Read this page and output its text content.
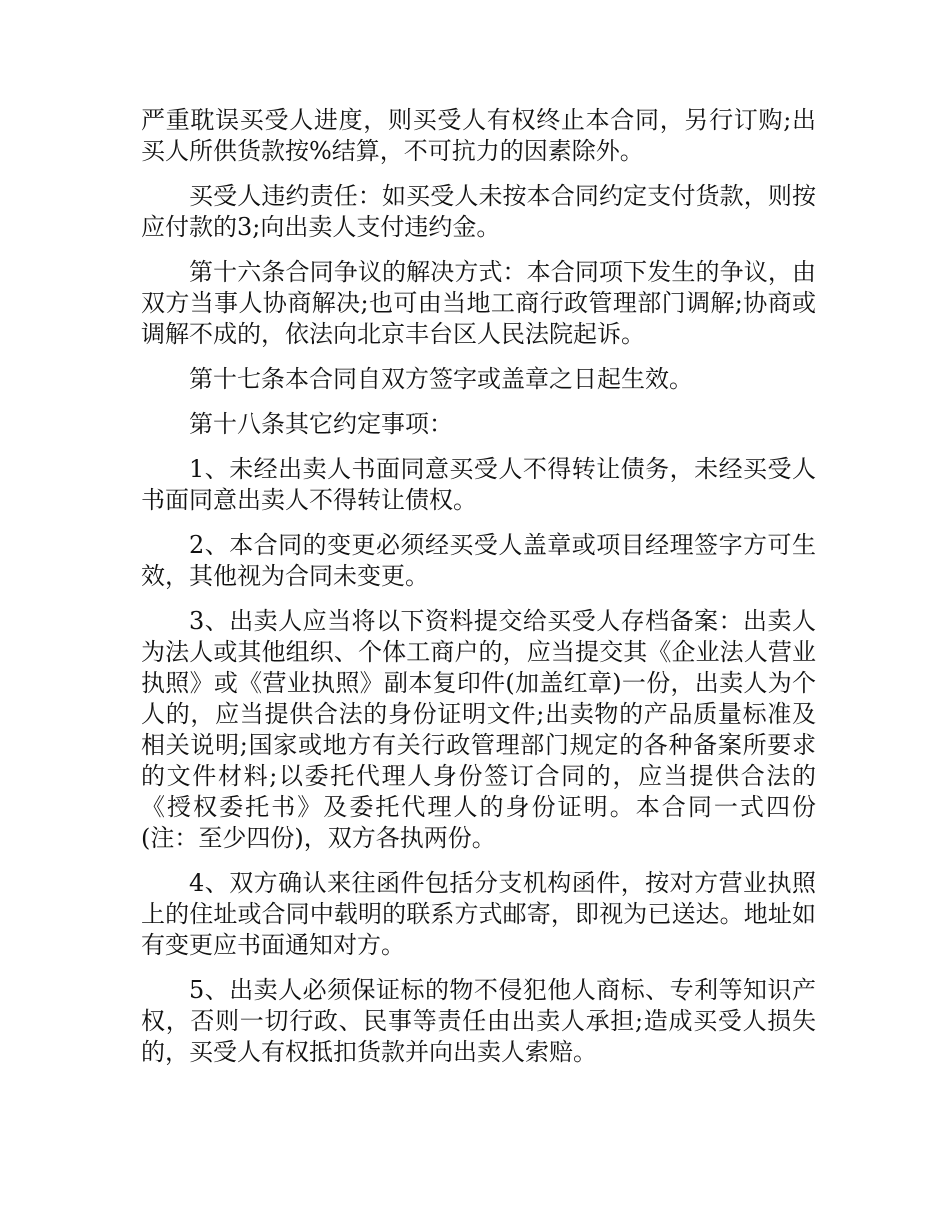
严重耽误买受人进度，则买受人有权终止本合同，另行订购;出买人所供货款按%结算，不可抗力的因素除外。

买受人违约责任：如买受人未按本合同约定支付货款，则按应付款的3;向出卖人支付违约金。

第十六条合同争议的解决方式：本合同项下发生的争议，由双方当事人协商解决;也可由当地工商行政管理部门调解;协商或调解不成的，依法向北京丰台区人民法院起诉。

第十七条本合同自双方签字或盖章之日起生效。

第十八条其它约定事项：

1、未经出卖人书面同意买受人不得转让债务，未经买受人书面同意出卖人不得转让债权。

2、本合同的变更必须经买受人盖章或项目经理签字方可生效，其他视为合同未变更。

3、出卖人应当将以下资料提交给买受人存档备案：出卖人为法人或其他组织、个体工商户的，应当提交其《企业法人营业执照》或《营业执照》副本复印件(加盖红章)一份，出卖人为个人的，应当提供合法的身份证明文件;出卖物的产品质量标准及相关说明;国家或地方有关行政管理部门规定的各种备案所要求的文件材料;以委托代理人身份签订合同的，应当提供合法的《授权委托书》及委托代理人的身份证明。本合同一式四份(注：至少四份)，双方各执两份。

4、双方确认来往函件包括分支机构函件，按对方营业执照上的住址或合同中载明的联系方式邮寄，即视为已送达。地址如有变更应书面通知对方。

5、出卖人必须保证标的物不侵犯他人商标、专利等知识产权，否则一切行政、民事等责任由出卖人承担;造成买受人损失的，买受人有权抵扣货款并向出卖人索赔。
